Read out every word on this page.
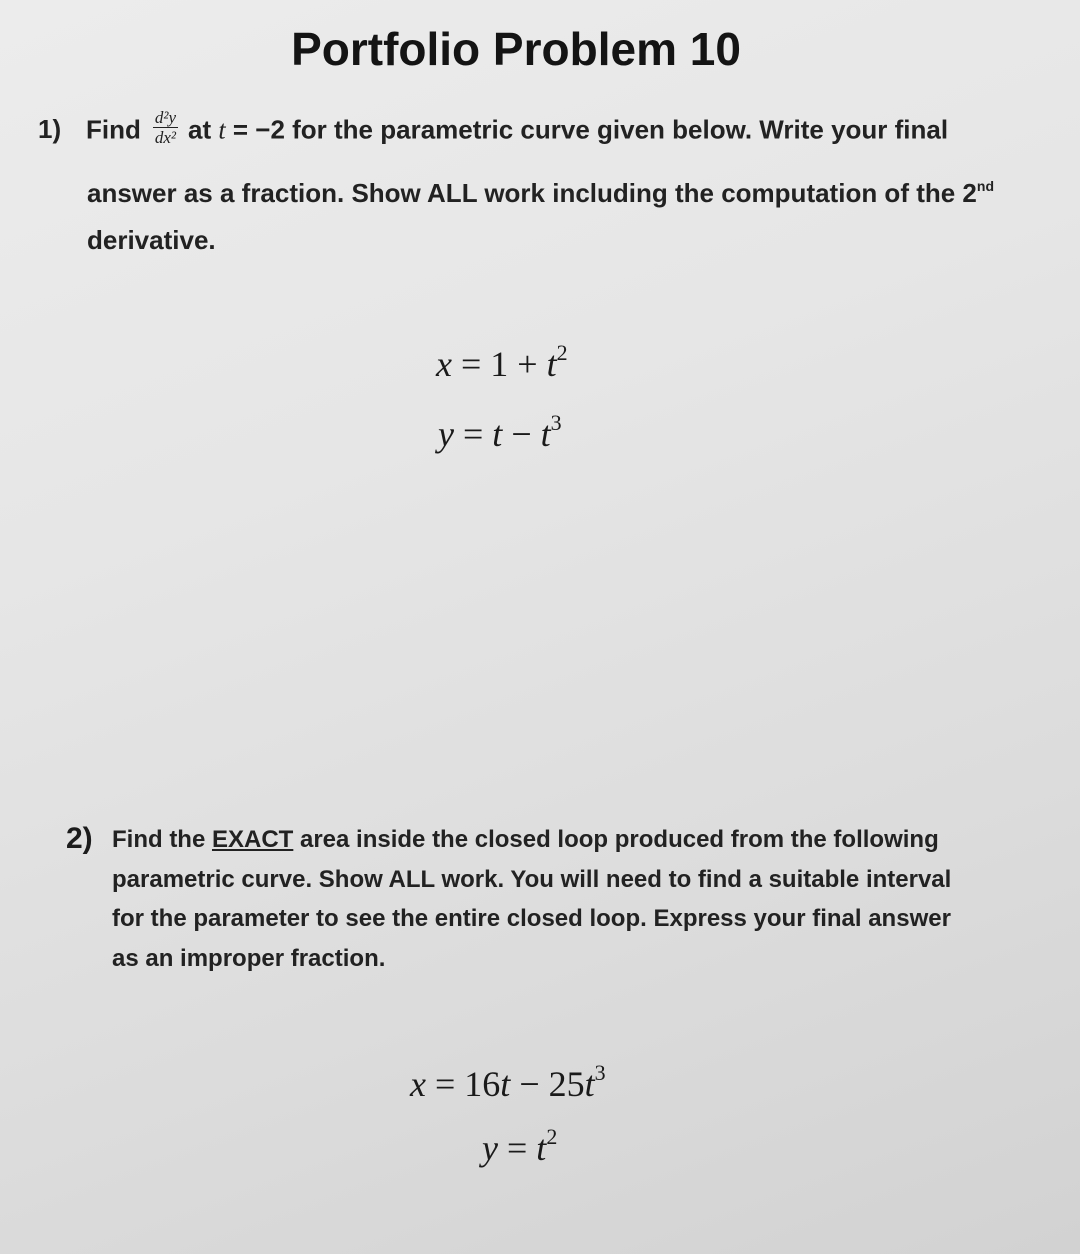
Portfolio Problem 10
1) Find $\frac{\text{d²y}}{\text{dx²}}$ at t = −2 for the parametric curve given below. Write your final
answer as a fraction. Show ALL work including the computation of the 2nd
derivative.
$x = 1 + t^2$
$y = t - t^3$
2) Find the EXACT area inside the closed loop produced from the following
parametric curve. Show ALL work. You will need to find a suitable interval
for the parameter to see the entire closed loop. Express your final answer
as an improper fraction.
$x = 16t - 25t^3$
$y = t^2$
